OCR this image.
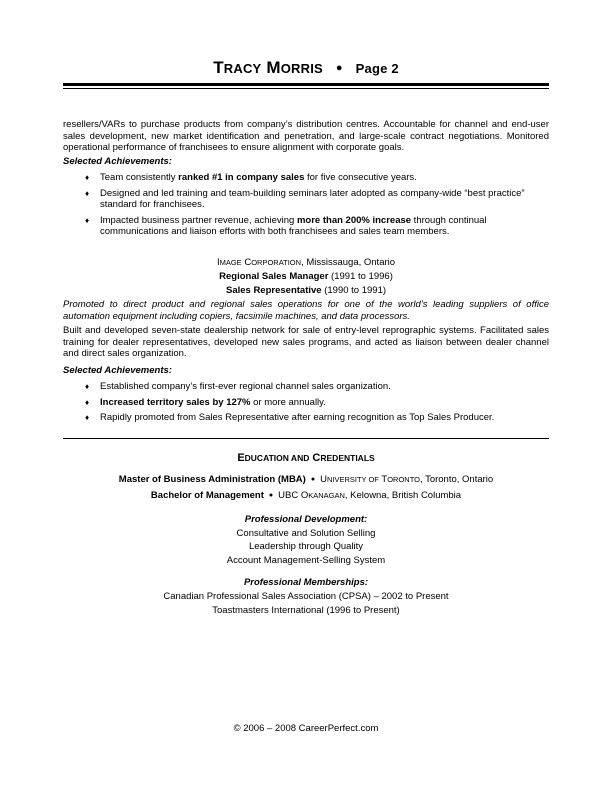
TRACY MORRIS ● Page 2
resellers/VARs to purchase products from company’s distribution centres. Accountable for channel and end-user sales development, new market identification and penetration, and large-scale contract negotiations. Monitored operational performance of franchisees to ensure alignment with corporate goals.
Selected Achievements:
♦ Team consistently ranked #1 in company sales for five consecutive years.
♦ Designed and led training and team-building seminars later adopted as company-wide “best practice” standard for franchisees.
♦ Impacted business partner revenue, achieving more than 200% increase through continual communications and liaison efforts with both franchisees and sales team members.
IMAGE CORPORATION, Mississauga, Ontario
Regional Sales Manager (1991 to 1996)
Sales Representative (1990 to 1991)
Promoted to direct product and regional sales operations for one of the world’s leading suppliers of office automation equipment including copiers, facsimile machines, and data processors.
Built and developed seven-state dealership network for sale of entry-level reprographic systems. Facilitated sales training for dealer representatives, developed new sales programs, and acted as liaison between dealer channel and direct sales organization.
Selected Achievements:
♦ Established company’s first-ever regional channel sales organization.
♦ Increased territory sales by 127% or more annually.
♦ Rapidly promoted from Sales Representative after earning recognition as Top Sales Producer.
EDUCATION AND CREDENTIALS
Master of Business Administration (MBA) ● UNIVERSITY OF TORONTO, Toronto, Ontario
Bachelor of Management ● UBC OKANAGAN, Kelowna, British Columbia
Professional Development:
Consultative and Solution Selling
Leadership through Quality
Account Management-Selling System
Professional Memberships:
Canadian Professional Sales Association (CPSA) – 2002 to Present
Toastmasters International (1996 to Present)
© 2006 – 2008 CareerPerfect.com
